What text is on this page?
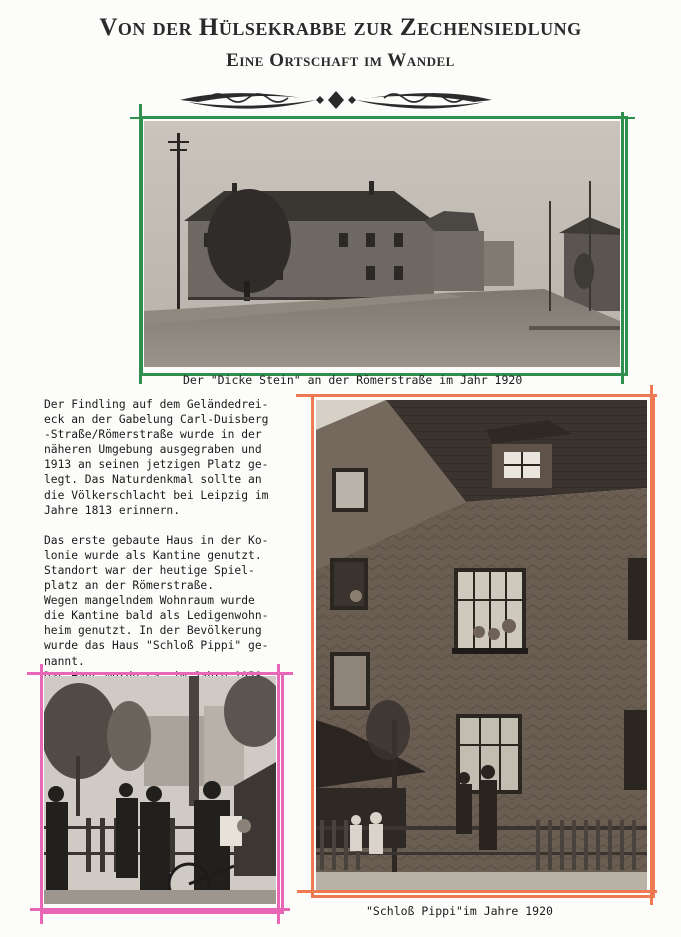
Von der Hülsekrabbe zur Zechensiedlung
Eine Ortschaft im Wandel
Der "Dicke Stein" an der Römerstraße im Jahr 1920
Der Findling auf dem Geländedrei-
eck an der Gabelung Carl-Duisberg
-Straße/Römerstraße wurde in der
näheren Umgebung ausgegraben und
1913 an seinen jetzigen Platz ge-
legt. Das Naturdenkmal sollte an
die Völkerschlacht bei Leipzig im
Jahre 1813 erinnern.
Das erste gebaute Haus in der Ko-
lonie wurde als Kantine genutzt.
Standort war der heutige Spiel-
platz an der Römerstraße.
Wegen mangelndem Wohnraum wurde
die Kantine bald als Ledigenwohn-
heim genutzt. In der Bevölkerung
wurde das Haus "Schloß Pippi" ge-
nannt.
"Schloß Pippi"im Jahre 1920
